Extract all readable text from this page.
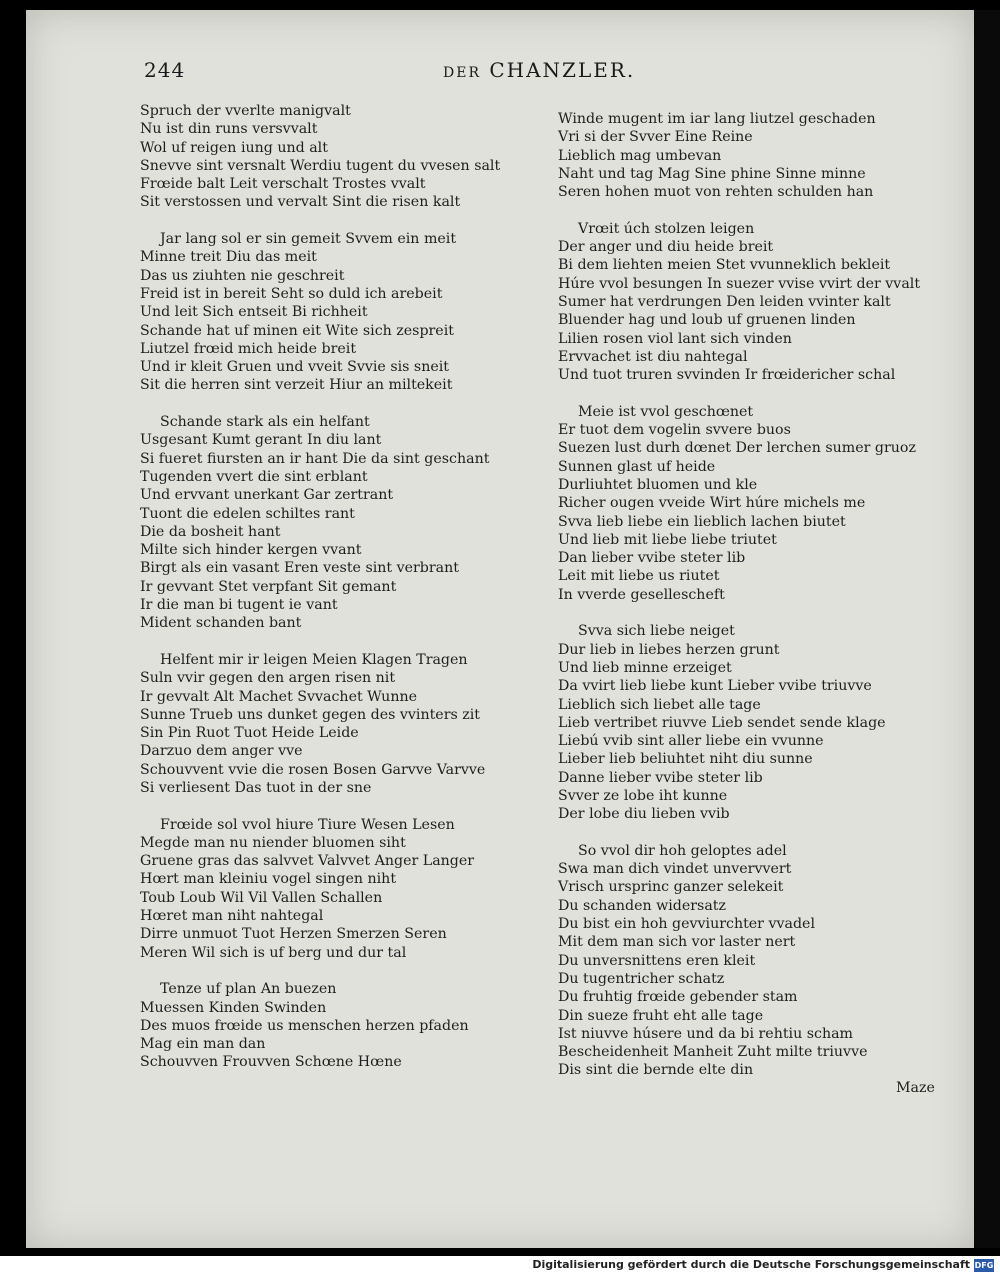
244	DER CHANZLER.
Spruch der vverlte manigvalt
Nu ist din runs versvvalt
Wol uf reigen iung und alt
Snevve sint versnalt Werdiu tugent du vvesen salt
Frœide balt Leit verschalt Trostes vvalt
Sit verstossen und vervalt Sint die risen kalt
Jar lang sol er sin gemeit Svvem ein meit
Minne treit Diu das meit
Das us ziuhten nie geschreit
Freid ist in bereit Seht so duld ich arebeit
Und leit Sich entseit Bi richheit
Schande hat uf minen eit Wite sich zespreit
Liutzel frœid mich heide breit
Und ir kleit Gruen und vveit Svvie sis sneit
Sit die herren sint verzeit Hiur an miltekeit
Schande stark als ein helfant
Usgesant Kumt gerant In diu lant
Si fueret fiursten an ir hant Die da sint geschant
Tugenden vvert die sint erblant
Und ervvant unerkant Gar zertrant
Tuont die edelen schiltes rant
Die da bosheit hant
Milte sich hinder kergen vvant
Birgt als ein vasant Eren veste sint verbrant
Ir gevvant Stet verpfant Sit gemant
Ir die man bi tugent ie vant
Mident schanden bant
Helfent mir ir leigen Meien Klagen Tragen
Suln vvir gegen den argen risen nit
Ir gevvalt Alt Machet Svvachet Wunne
Sunne Trueb uns dunket gegen des vvinters zit
Sin Pin Ruot Tuot Heide Leide
Darzuo dem anger vve
Schouvvent vvie die rosen Bosen Garvve Varvve
Si verliesent Das tuot in der sne
Frœide sol vvol hiure Tiure Wesen Lesen
Megde man nu niender bluomen siht
Gruene gras das salvvet Valvvet Anger Langer
Hœrt man kleiniu vogel singen niht
Toub Loub Wil Vil Vallen Schallen
Hœret man niht nahtegal
Dirre unmuot Tuot Herzen Smerzen Seren
Meren Wil sich is uf berg und dur tal
Tenze uf plan An buezen
Muessen Kinden Swinden
Des muos frœide us menschen herzen pfaden
Mag ein man dan
Schouvven Frouvven Schœne Hœne
Winde mugent im iar lang liutzel geschaden
Vri si der Svver Eine Reine
Lieblich mag umbevan
Naht und tag Mag Sine phine Sinne minne
Seren hohen muot von rehten schulden han
Vrœit úch stolzen leigen
Der anger und diu heide breit
Bi dem liehten meien Stet vvunneklich bekleit
Húre vvol besungen In suezer vvise vvirt der vvalt
Sumer hat verdrungen Den leiden vvinter kalt
Bluender hag und loub uf gruenen linden
Lilien rosen viol lant sich vinden
Ervvachet ist diu nahtegal
Und tuot truren svvinden Ir frœidericher schal
Meie ist vvol geschœnet
Er tuot dem vogelin svvere buos
Suezen lust durh dœnet Der lerchen sumer gruoz
Sunnen glast uf heide
Durliuhtet bluomen und kle
Richer ougen vveide Wirt húre michels me
Svva lieb liebe ein lieblich lachen biutet
Und lieb mit liebe liebe triutet
Dan lieber vvibe steter lib
Leit mit liebe us riutet
In vverde gesellescheft
Svva sich liebe neiget
Dur lieb in liebes herzen grunt
Und lieb minne erzeiget
Da vvirt lieb liebe kunt Lieber vvibe triuvve
Lieblich sich liebet alle tage
Lieb vertribet riuvve Lieb sendet sende klage
Liebú vvib sint aller liebe ein vvunne
Lieber lieb beliuhtet niht diu sunne
Danne lieber vvibe steter lib
Svver ze lobe iht kunne
Der lobe diu lieben vvib
So vvol dir hoh geloptes adel
Swa man dich vindet unvervvert
Vrisch ursprinc ganzer selekeit
Du schanden widersatz
Du bist ein hoh gevviurchter vvadel
Mit dem man sich vor laster nert
Du unversnittens eren kleit
Du tugentricher schatz
Du fruhtig frœide gebender stam
Din sueze fruht eht alle tage
Ist niuvve húsere und da bi rehtiu scham
Bescheidenheit Manheit Zuht milte triuvve
Dis sint die bernde elte din
Maze
Digitalisierung gefördert durch die Deutsche Forschungsgemeinschaft DFG
